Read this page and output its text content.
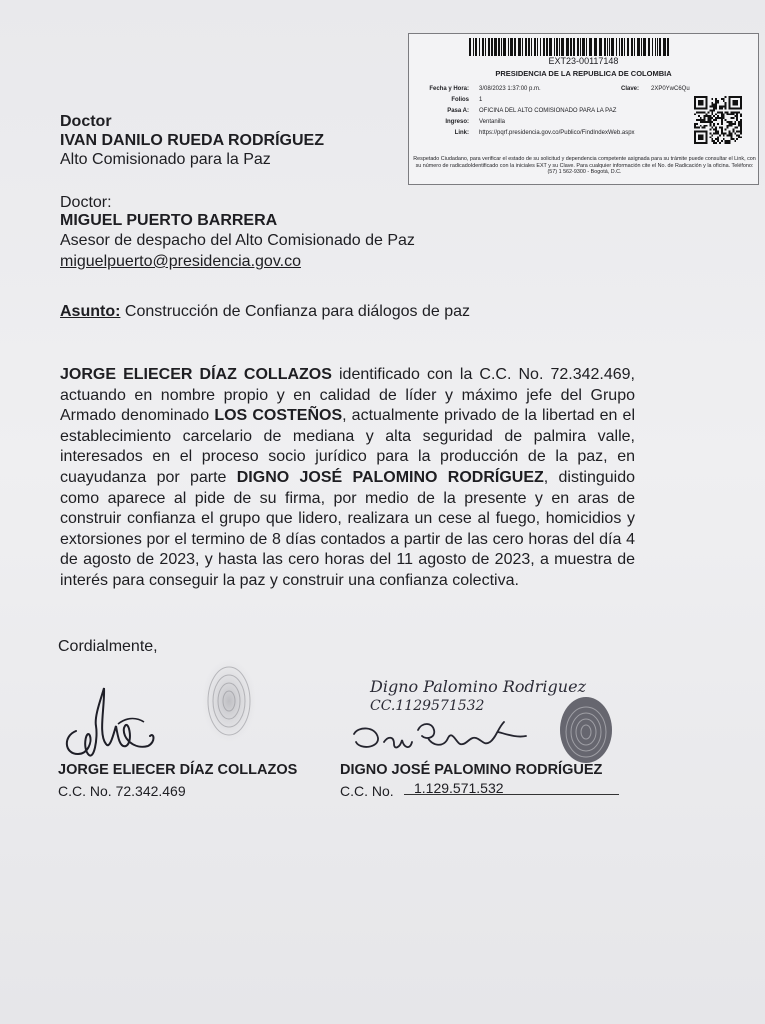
EXT23-00117148
PRESIDENCIA DE LA REPUBLICA DE COLOMBIA
Fecha y Hora: 3/08/2023 1:37:00 p.m.	Clave: 2XP0YwC6Qu
Folios 1
Pasa A: OFICINA DEL ALTO COMISIONADO PARA LA PAZ
Ingreso: Ventanilla
Link: https://pqrf.presidencia.gov.co/Publico/FindIndexWeb.aspx
Respetado Ciudadano, para verificar el estado de su solicitud y dependencia competente asignada para su trámite puede consultar el Link, con su número de radicadoIdentificado con la iniciales EXT y su Clave. Para cualquier información cite el No. de Radicación y la oficina. Teléfono: (57) 1 562-9300 - Bogotá, D.C.
Doctor
IVAN DANILO RUEDA RODRÍGUEZ
Alto Comisionado para la Paz
Doctor:
MIGUEL PUERTO BARRERA
Asesor de despacho del Alto Comisionado de Paz
miguelpuerto@presidencia.gov.co
Asunto: Construcción de Confianza para diálogos de paz
JORGE ELIECER DÍAZ COLLAZOS identificado con la C.C. No. 72.342.469, actuando en nombre propio y en calidad de líder y máximo jefe del Grupo Armado denominado LOS COSTEÑOS, actualmente privado de la libertad en el establecimiento carcelario de mediana y alta seguridad de palmira valle, interesados en el proceso socio jurídico para la producción de la paz, en cuayudanza por parte DIGNO JOSÉ PALOMINO RODRÍGUEZ, distinguido como aparece al pide de su firma, por medio de la presente y en aras de construir confianza el grupo que lidero, realizara un cese al fuego, homicidios y extorsiones por el termino de 8 días contados a partir de las cero horas del día 4 de agosto de 2023, y hasta las cero horas del 11 agosto de 2023, a muestra de interés para conseguir la paz y construir una confianza colectiva.
Cordialmente,
JORGE ELIECER DÍAZ COLLAZOS
C.C. No. 72.342.469
Digno Palomino Rodriguez
CC.1129571532
DIGNO JOSÉ PALOMINO RODRÍGUEZ
C.C. No. 1.129.571.532
